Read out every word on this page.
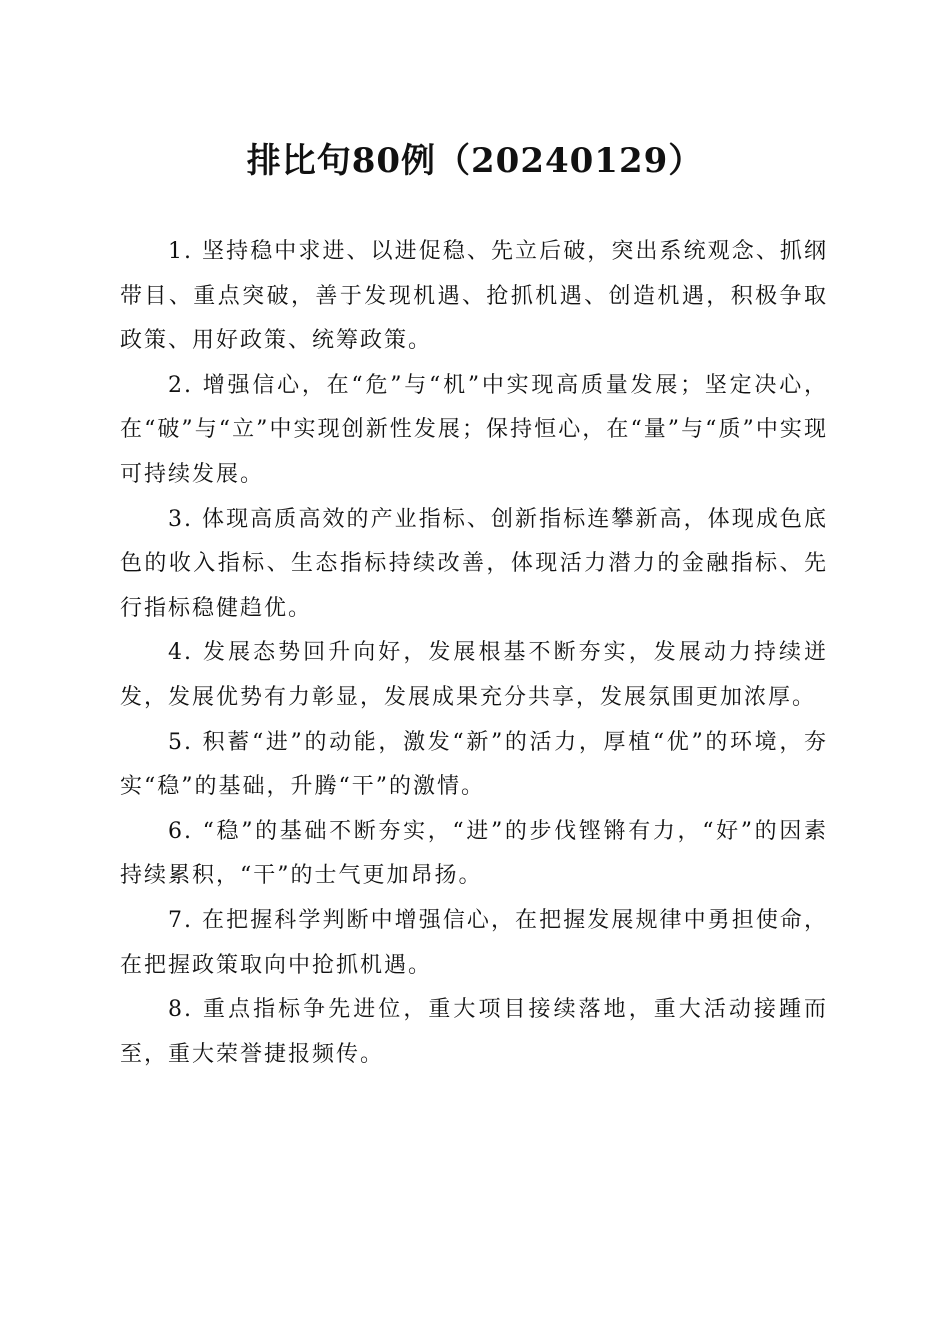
排比句80例（20240129）

1. 坚持稳中求进、以进促稳、先立后破，突出系统观念、抓纲带目、重点突破，善于发现机遇、抢抓机遇、创造机遇，积极争取政策、用好政策、统筹政策。

2. 增强信心，在“危”与“机”中实现高质量发展；坚定决心，在“破”与“立”中实现创新性发展；保持恒心，在“量”与“质”中实现可持续发展。

3. 体现高质高效的产业指标、创新指标连攀新高，体现成色底色的收入指标、生态指标持续改善，体现活力潜力的金融指标、先行指标稳健趋优。

4. 发展态势回升向好，发展根基不断夯实，发展动力持续迸发，发展优势有力彰显，发展成果充分共享，发展氛围更加浓厚。

5. 积蓄“进”的动能，激发“新”的活力，厚植“优”的环境，夯实“稳”的基础，升腾“干”的激情。

6. “稳”的基础不断夯实，“进”的步伐铿锵有力，“好”的因素持续累积，“干”的士气更加昂扬。

7. 在把握科学判断中增强信心，在把握发展规律中勇担使命，在把握政策取向中抢抓机遇。

8. 重点指标争先进位，重大项目接续落地，重大活动接踵而至，重大荣誉捷报频传。
